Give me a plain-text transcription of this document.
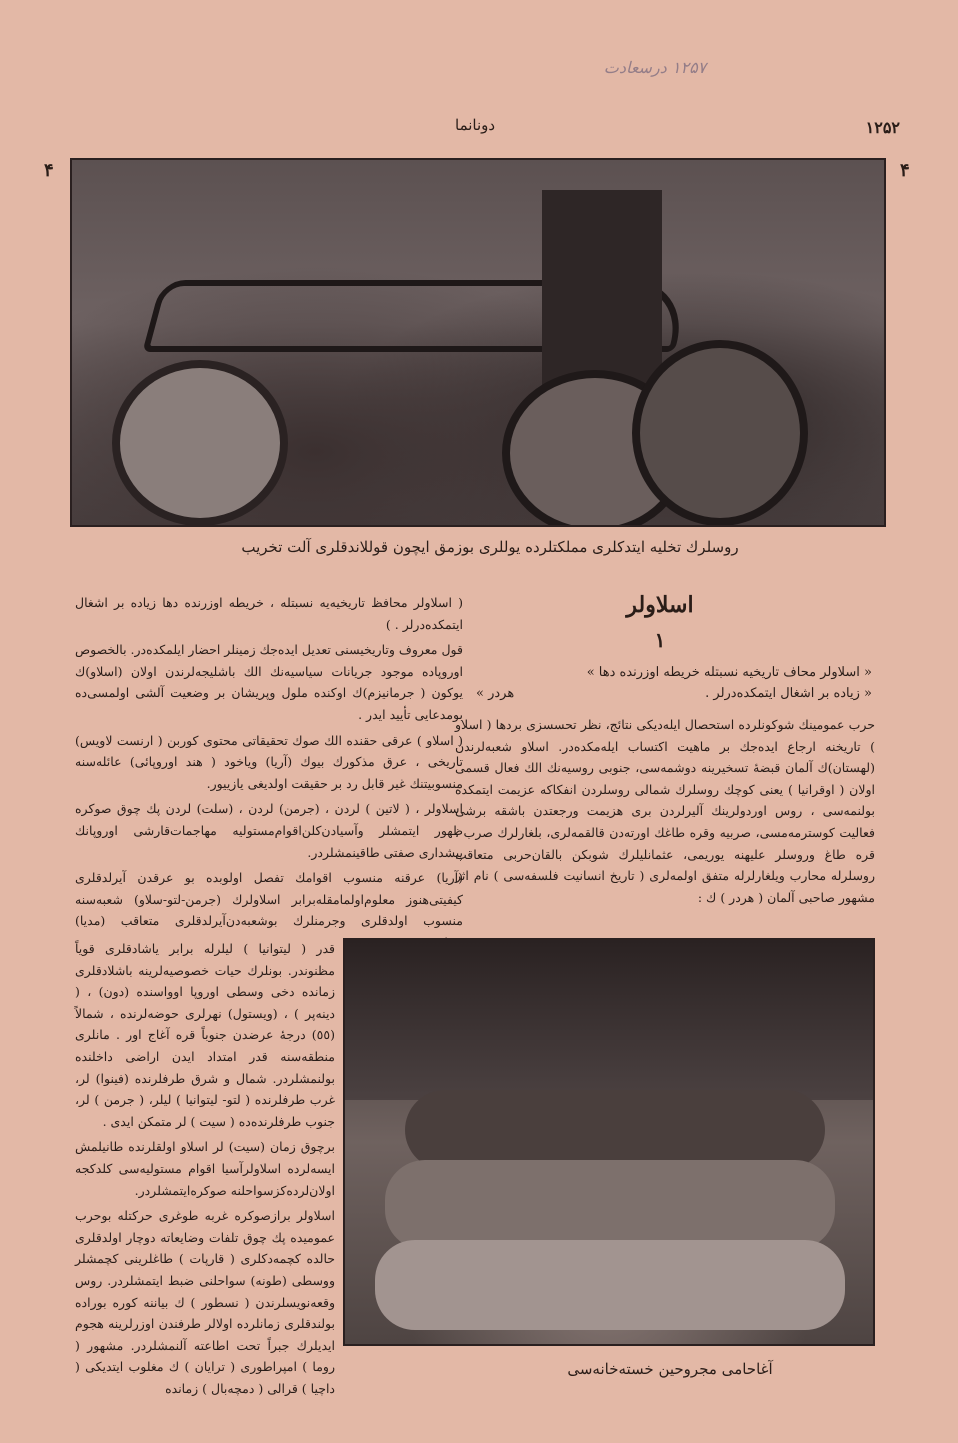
۱۲۵۷ درسعادت
۱۲۵۲
دونانما
۴	۴
روسلرك تخليه ایتدكلری مملكتلرده یوللری بوزمق ایچون قوللاندقلری آلت تخریب
اسلاولر
١
« اسلاولر محاف تاریخیه نسبتله خریطه اوزرنده دها »
« زیاده بر اشغال ایتمكده‌درلر .
هردر »

حرب عمومینك شوكونلرده استحصال ایله‌دیكی نتائج، نظر تحسسزی بردها ( اسلاو ) تاریخنه ارجاع ایده‌جك بر ماهیت اكتساب ایله‌مكده‌در. اسلاو شعبه‌لرندن (لهستان)ك آلمان قبضهٔ تسخیرینه دوشمه‌سی، جنوبی روسیه‌نك الك فعال قسمی اولان ( اوقرانیا ) یعنی كوچك روسلرك شمالی روسلردن انفكاكه عزیمت ایتمكده بولنمه‌سی ، روس اوردولرینك آلیرلردن بری هزیمت ورجعتدن باشقه برشی فعالیت كوسترمه‌مسی، صربیه وقره طاغك اورته‌دن قالقمه‌لری، بلغارلرك صرب ، قره طاغ وروسلر علیهنه یوریمی، عثمانلیلرك شوبكن بالقان‌حربی متعاقب روسلرله محارب ویلغارلرله متفق اولمه‌لری ( تاریخ انسانیت فلسفه‌سی ) نام اثر مشهور صاحبی آلمان ( هردر ) ك :

( اسلاولر محافظ تاریخیه‌یه نسبتله ، خریطه اوزرنده دها زیاده بر اشغال ایتمكده‌درلر . )

قول معروف وتاریخیسنی تعدیل ایده‌جك زمینلر احضار ایلمكده‌در. بالخصوص اوروپاده موجود جریانات سیاسیه‌نك الك باشلیجه‌لرندن اولان (اسلاو)ك یوكون ( جرمانیزم)ك اوكنده ملول وپریشان بر وضعیت آلشی اولمسی‌ده بومدعایی تأیید ایدر .

( اسلاو ) عرقی حقنده الك صوك تحقیقاتی محتوی كوربن ( ارنست لاویس) تاریخی ، عرق مذكورك بیوك (آریا) ویاخود ( هند اوروپائی) عائله‌سنه منسوبیتنك غیر قابل رد بر حقیقت اولدیغی یازییور.

اسلاولر ، ( لاتین ) لردن ، (جرمن) لردن ، (سلت) لردن پك چوق صوكره ظهور ایتمشلر وآسیادن‌كلن‌اقوام‌مستولیه مهاجمات‌قارشی اوروپانك پیشداری صفتی طاقینمشلردر.

(آریا) عرقنه منسوب اقوامك تفصل اولوبده بو عرقدن آیرلدقلری كیفیتی‌هنوز معلوم‌اولمامقله‌برابر اسلاولرك (جرمن-لتو-سلاو) شعبه‌سنه منسوب اولدقلری وجرمنلرك بوشعبه‌دن‌آیرلدقلری متعاقب (مدیا)

قدر ( لیتوانیا ) لیلرله برابر یاشادقلری قویاً مظنوندر. بونلرك حیات خصوصیه‌لرینه باشلادقلری زمانده دخی وسطی اوروپا اوواسنده (دون) ، ( دینه‌پر ) ، (ویستول) نهرلری حوضه‌لرنده ، شمالاً (٥٥) درجهٔ عرضدن جنوباً قره آغاج اور . مانلری منطقه‌سنه قدر امتداد ایدن اراضی داخلنده بولنمشلردر. شمال و شرق طرفلرنده (فینوا) لر، غرب طرفلرنده ( لتو- لیتوانیا ) لیلر، ( جرمن ) لر، جنوب طرفلرنده‌ده ( سیت ) لر متمكن ایدی .

برچوق زمان (سیت) لر اسلاو اولقلرنده طانیلمش ایسه‌لرده اسلاولرآسیا اقوام مستولیه‌سی كلدكجه اولان‌لرده‌كزسواحلنه صوكره‌ایتمشلردر.

اسلاولر برازصوكره غربه طوغری حركتله بوحرب عمومیده پك چوق تلفات وضایعاته دوچار اولدقلری حالده كچمه‌دكلری ( قارپات ) طاغلرینی كچمشلر ووسطی (طونه) سواحلنی ضبط ایتمشلردر. روس وقعه‌نویسلرندن ( نسطور ) ك بیاننه كوره بوراده بولندقلری زمانلرده اولالر طرفندن اوزرلرینه هجوم ایدیلرك جبراً تحت اطاعته آلنمشلردر. مشهور ( روما ) امپراطوری ( ترایان ) ك مغلوب ایتدیكی ( داچیا ) قرالی ( دمچه‌بال ) زمانده

آغاحامی مجروحین خسته‌خانه‌سی
